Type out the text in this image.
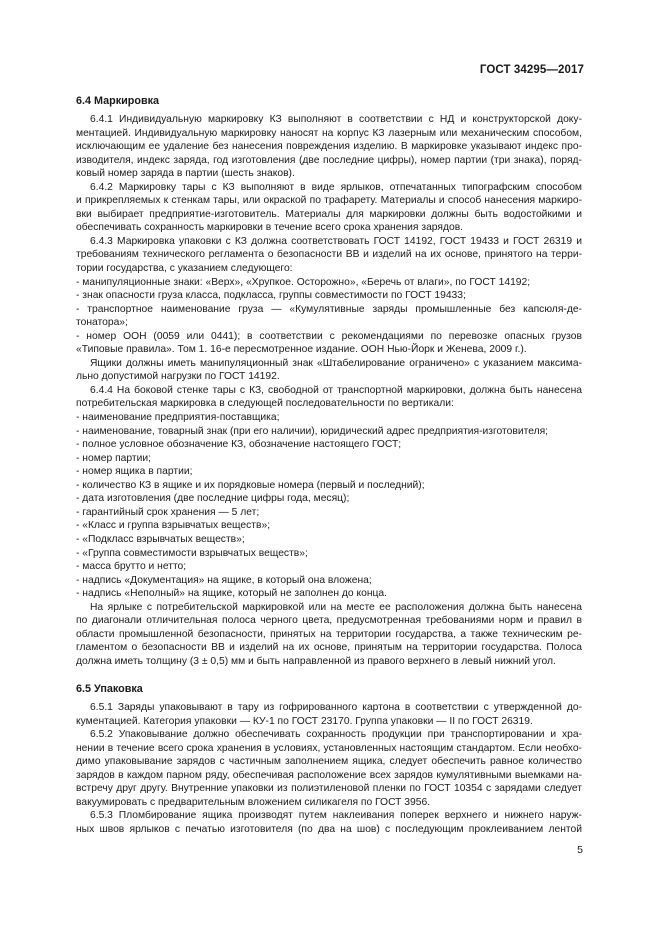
ГОСТ 34295—2017
6.4 Маркировка
6.4.1 Индивидуальную маркировку КЗ выполняют в соответствии с НД и конструкторской доку-
ментацией. Индивидуальную маркировку наносят на корпус КЗ лазерным или механическим способом,
исключающим ее удаление без нанесения повреждения изделию. В маркировке указывают индекс про-
изводителя, индекс заряда, год изготовления (две последние цифры), номер партии (три знака), поряд-
ковый номер заряда в партии (шесть знаков).
6.4.2 Маркировку тары с КЗ выполняют в виде ярлыков, отпечатанных типографским способом
и прикрепляемых к стенкам тары, или окраской по трафарету. Материалы и способ нанесения маркиро-
вки выбирает предприятие-изготовитель. Материалы для маркировки должны быть водостойкими и
обеспечивать сохранность маркировки в течение всего срока хранения зарядов.
6.4.3 Маркировка упаковки с КЗ должна соответствовать ГОСТ 14192, ГОСТ 19433 и ГОСТ 26319 и
требованиям технического регламента о безопасности ВВ и изделий на их основе, принятого на терри-
тории государства, с указанием следующего:
- манипуляционные знаки: «Верх», «Хрупкое. Осторожно», «Беречь от влаги», по ГОСТ 14192;
- знак опасности груза класса, подкласса, группы совместимости по ГОСТ 19433;
- транспортное наименование груза — «Кумулятивные заряды промышленные без капсюля-де-
тонатора»;
- номер ООН (0059 или 0441); в соответствии с рекомендациями по перевозке опасных грузов
«Типовые правила». Том 1. 16-е пересмотренное издание. ООН Нью-Йорк и Женева, 2009 г.).
Ящики должны иметь манипуляционный знак «Штабелирование ограничено» с указанием максима-
льно допустимой нагрузки по ГОСТ 14192.
6.4.4 На боковой стенке тары с КЗ, свободной от транспортной маркировки, должна быть нанесена
потребительская маркировка в следующей последовательности по вертикали:
- наименование предприятия-поставщика;
- наименование, товарный знак (при его наличии), юридический адрес предприятия-изготовителя;
- полное условное обозначение КЗ, обозначение настоящего ГОСТ;
- номер партии;
- номер ящика в партии;
- количество КЗ в ящике и их порядковые номера (первый и последний);
- дата изготовления (две последние цифры года, месяц);
- гарантийный срок хранения — 5 лет;
- «Класс и группа взрывчатых веществ»;
- «Подкласс взрывчатых веществ»;
- «Группа совместимости взрывчатых веществ»;
- масса брутто и нетто;
- надпись «Документация» на ящике, в который она вложена;
- надпись «Неполный» на ящике, который не заполнен до конца.
На ярлыке с потребительской маркировкой или на месте ее расположения должна быть нанесена
по диагонали отличительная полоса черного цвета, предусмотренная требованиями норм и правил в
области промышленной безопасности, принятых на территории государства, а также техническим ре-
гламентом о безопасности ВВ и изделий на их основе, принятым на территории государства. Полоса
должна иметь толщину (3 ± 0,5) мм и быть направленной из правого верхнего в левый нижний угол.
6.5 Упаковка
6.5.1 Заряды упаковывают в тару из гофрированного картона в соответствии с утвержденной до-
кументацией. Категория упаковки — КУ-1 по ГОСТ 23170. Группа упаковки — II по ГОСТ 26319.
6.5.2 Упаковывание должно обеспечивать сохранность продукции при транспортировании и хра-
нении в течение всего срока хранения в условиях, установленных настоящим стандартом. Если необхо-
димо упаковывание зарядов с частичным заполнением ящика, следует обеспечить равное количество
зарядов в каждом парном ряду, обеспечивая расположение всех зарядов кумулятивными выемками на-
встречу друг другу. Внутренние упаковки из полиэтиленовой пленки по ГОСТ 10354 с зарядами следует
вакуумировать с предварительным вложением силикагеля по ГОСТ 3956.
6.5.3 Пломбирование ящика производят путем наклеивания поперек верхнего и нижнего наруж-
ных швов ярлыков с печатью изготовителя (по два на шов) с последующим проклеиванием лентой
5
